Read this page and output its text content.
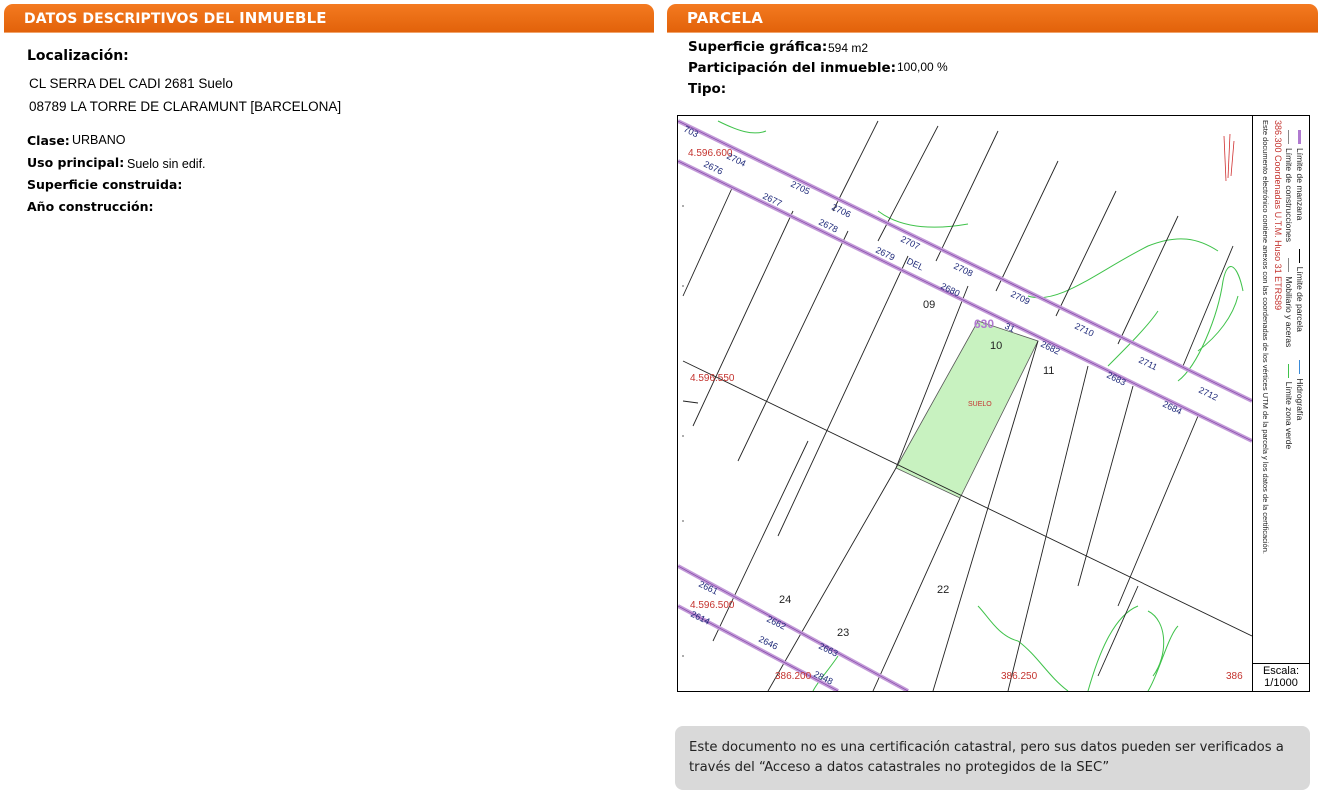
DATOS DESCRIPTIVOS DEL INMUEBLE
Localización:
CL SERRA DEL CADI 2681 Suelo
08789 LA TORRE DE CLARAMUNT [BARCELONA]
Clase: URBANO
Uso principal: Suelo sin edif.
Superficie construida:
Año construcción:
PARCELA
Superficie gráfica: 594 m2
Participación del inmueble: 100,00 %
Tipo:
4.596.600
4.596.550
4.596.500
386.200	386.250	386
09
10
11
22
23
24
SUELO
630 31
703
2704
2676
2705
2677
2706
2678
2707
2679
DEL	2708
2680	2709
2710
2682
2711
2683
2712
2684
2661
2614	2662
2646	2663
2848
Límite de manzana Límite de parcela Hidrografía
Límite de construcciones Mobiliario y aceras Límite zona verde
386.300 Coordenadas U.T.M. Huso 31 ETRS89
Este documento electrónico contiene anexos con las coordenadas de los vértices UTM de la parcela y los datos de la certificación.
Escala:
1/1000
Este documento no es una certificación catastral, pero sus datos pueden ser verificados a través del “Acceso a datos catastrales no protegidos de la SEC”
